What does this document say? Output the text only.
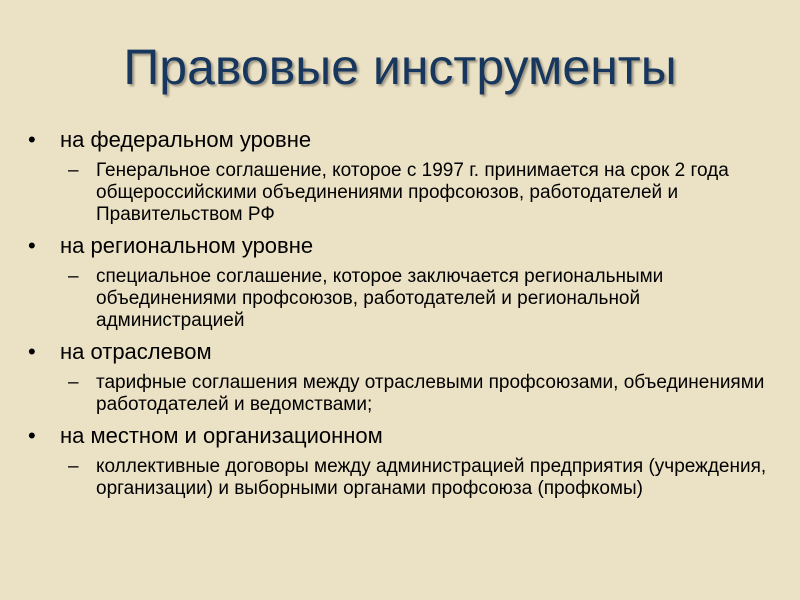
Правовые инструменты
•	на федеральном уровне
– Генеральное соглашение, которое с 1997 г. принимается на срок 2 года общероссийскими объединениями профсоюзов, работодателей и Правительством РФ
•	на региональном уровне
– специальное соглашение, которое заключается региональными объединениями профсоюзов, работодателей и региональной администрацией
•	на отраслевом
– тарифные соглашения между отраслевыми профсоюзами, объединениями работодателей и ведомствами;
•	на местном и организационном
– коллективные договоры между администрацией предприятия (учреждения, организации) и выборными органами профсоюза (профкомы)
